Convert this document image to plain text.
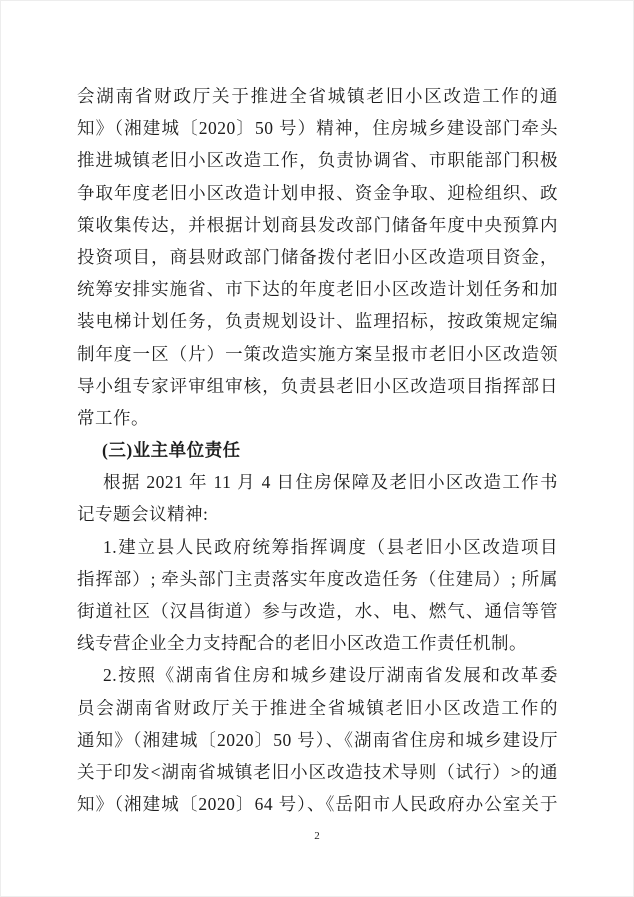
会湖南省财政厅关于推进全省城镇老旧小区改造工作的通
知》（湘建城〔2020〕50 号）精神，住房城乡建设部门牵头
推进城镇老旧小区改造工作，负责协调省、市职能部门积极
争取年度老旧小区改造计划申报、资金争取、迎检组织、政
策收集传达，并根据计划商县发改部门储备年度中央预算内
投资项目，商县财政部门储备拨付老旧小区改造项目资金，
统筹安排实施省、市下达的年度老旧小区改造计划任务和加
装电梯计划任务，负责规划设计、监理招标，按政策规定编
制年度一区（片）一策改造实施方案呈报市老旧小区改造领
导小组专家评审组审核，负责县老旧小区改造项目指挥部日
常工作。
(三)业主单位责任
根据 2021 年 11 月 4 日住房保障及老旧小区改造工作书
记专题会议精神:
1.建立县人民政府统筹指挥调度（县老旧小区改造项目
指挥部）; 牵头部门主责落实年度改造任务（住建局）; 所属
街道社区（汉昌街道）参与改造，水、电、燃气、通信等管
线专营企业全力支持配合的老旧小区改造工作责任机制。
2.按照《湖南省住房和城乡建设厅湖南省发展和改革委
员会湖南省财政厅关于推进全省城镇老旧小区改造工作的
通知》（湘建城〔2020〕50 号）、《湖南省住房和城乡建设厅
关于印发<湖南省城镇老旧小区改造技术导则（试行）>的通
知》（湘建城〔2020〕64 号）、《岳阳市人民政府办公室关于
2
